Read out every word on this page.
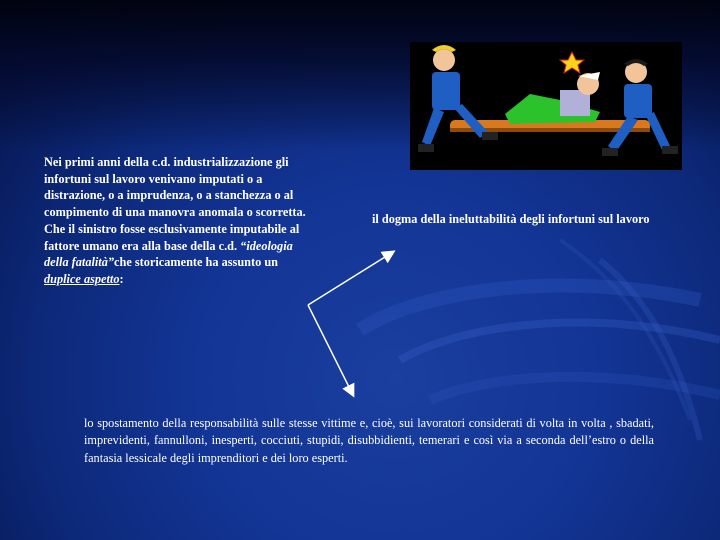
Nei primi anni della c.d. industrializzazione gli infortuni sul lavoro venivano imputati o a distrazione, o a imprudenza, o a stanchezza o al compimento di una manovra anomala o scorretta.
Che il sinistro fosse esclusivamente imputabile al fattore umano era alla base della c.d. “ideologia della fatalità”che storicamente ha assunto un duplice aspetto:
il dogma della ineluttabilità degli infortuni sul lavoro
lo spostamento della responsabilità sulle stesse vittime e, cioè, sui lavoratori considerati di volta in volta , sbadati, imprevidenti, fannulloni, inesperti, cocciuti, stupidi, disubbidienti, temerari e così via a seconda dell’estro o della fantasia lessicale degli imprenditori e dei loro esperti.
